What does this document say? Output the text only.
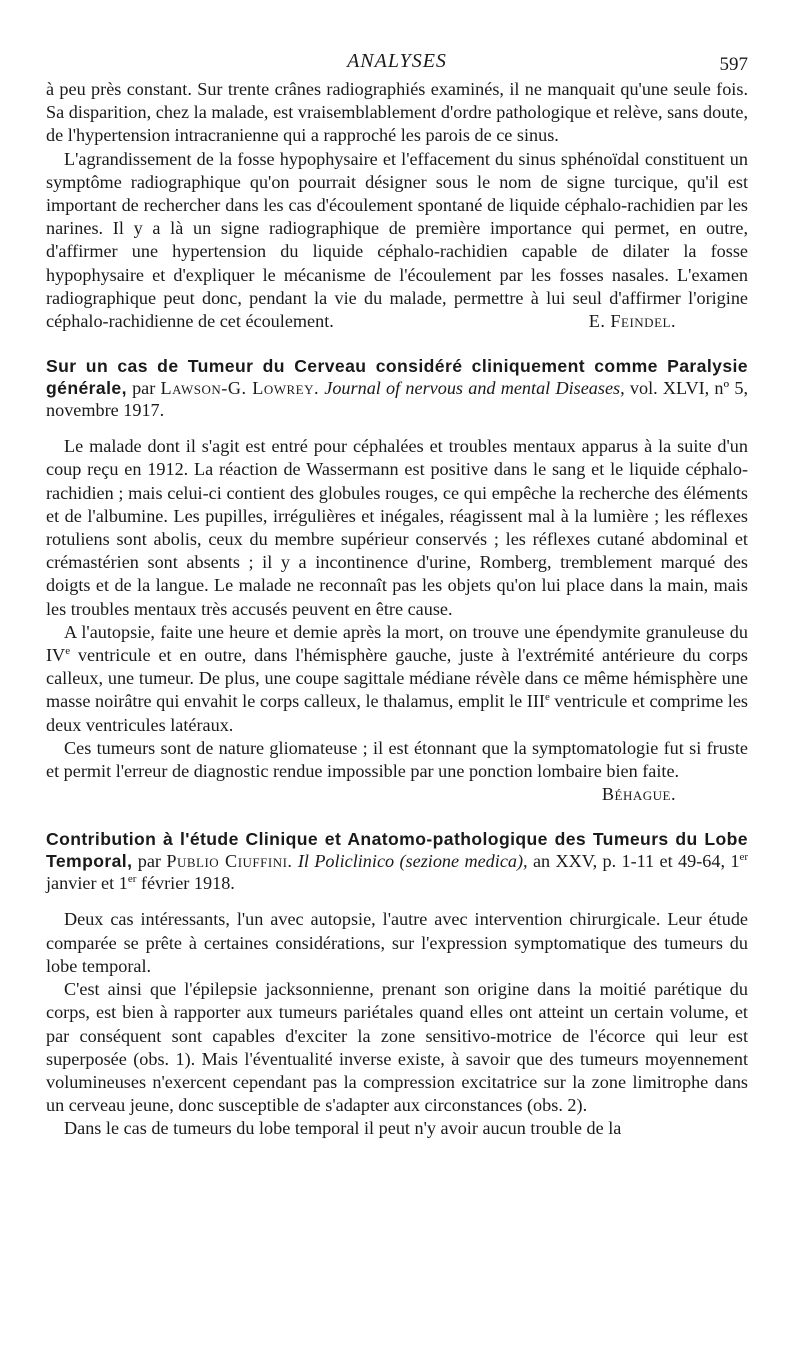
ANALYSES	597

à peu près constant. Sur trente crânes radiographiés examinés, il ne manquait qu'une seule fois. Sa disparition, chez la malade, est vraisemblablement d'ordre pathologique et relève, sans doute, de l'hypertension intracranienne qui a rapproché les parois de ce sinus.

L'agrandissement de la fosse hypophysaire et l'effacement du sinus sphénoïdal constituent un symptôme radiographique qu'on pourrait désigner sous le nom de signe turcique, qu'il est important de rechercher dans les cas d'écoulement spontané de liquide céphalo-rachidien par les narines. Il y a là un signe radiographique de première importance qui permet, en outre, d'affirmer une hypertension du liquide céphalo-rachidien capable de dilater la fosse hypophysaire et d'expliquer le mécanisme de l'écoulement par les fosses nasales. L'examen radiographique peut donc, pendant la vie du malade, permettre à lui seul d'affirmer l'origine céphalo-rachidienne de cet écoulement.	E. Feindel.

Sur un cas de Tumeur du Cerveau considéré cliniquement comme Paralysie générale, par Lawson-G. Lowrey. Journal of nervous and mental Diseases, vol. XLVI, nº 5, novembre 1917.

Le malade dont il s'agit est entré pour céphalées et troubles mentaux apparus à la suite d'un coup reçu en 1912. La réaction de Wassermann est positive dans le sang et le liquide céphalo-rachidien ; mais celui-ci contient des globules rouges, ce qui empêche la recherche des éléments et de l'albumine. Les pupilles, irrégulières et inégales, réagissent mal à la lumière ; les réflexes rotuliens sont abolis, ceux du membre supérieur conservés ; les réflexes cutané abdominal et crémastérien sont absents ; il y a incontinence d'urine, Romberg, tremblement marqué des doigts et de la langue. Le malade ne reconnaît pas les objets qu'on lui place dans la main, mais les troubles mentaux très accusés peuvent en être cause.

A l'autopsie, faite une heure et demie après la mort, on trouve une épendymite granuleuse du IVe ventricule et en outre, dans l'hémisphère gauche, juste à l'extrémité antérieure du corps calleux, une tumeur. De plus, une coupe sagittale médiane révèle dans ce même hémisphère une masse noirâtre qui envahit le corps calleux, le thalamus, emplit le IIIe ventricule et comprime les deux ventricules latéraux.

Ces tumeurs sont de nature gliomateuse ; il est étonnant que la symptomatologie fut si fruste et permit l'erreur de diagnostic rendue impossible par une ponction lombaire bien faite.
Béhague.

Contribution à l'étude Clinique et Anatomo-pathologique des Tumeurs du Lobe Temporal, par Publio Ciuffini. Il Policlinico (sezione medica), an XXV, p. 1-11 et 49-64, 1er janvier et 1er février 1918.

Deux cas intéressants, l'un avec autopsie, l'autre avec intervention chirurgicale. Leur étude comparée se prête à certaines considérations, sur l'expression symptomatique des tumeurs du lobe temporal.

C'est ainsi que l'épilepsie jacksonnienne, prenant son origine dans la moitié parétique du corps, est bien à rapporter aux tumeurs pariétales quand elles ont atteint un certain volume, et par conséquent sont capables d'exciter la zone sensitivo-motrice de l'écorce qui leur est superposée (obs. 1). Mais l'éventualité inverse existe, à savoir que des tumeurs moyennement volumineuses n'exercent cependant pas la compression excitatrice sur la zone limitrophe dans un cerveau jeune, donc susceptible de s'adapter aux circonstances (obs. 2).

Dans le cas de tumeurs du lobe temporal il peut n'y avoir aucun trouble de la
